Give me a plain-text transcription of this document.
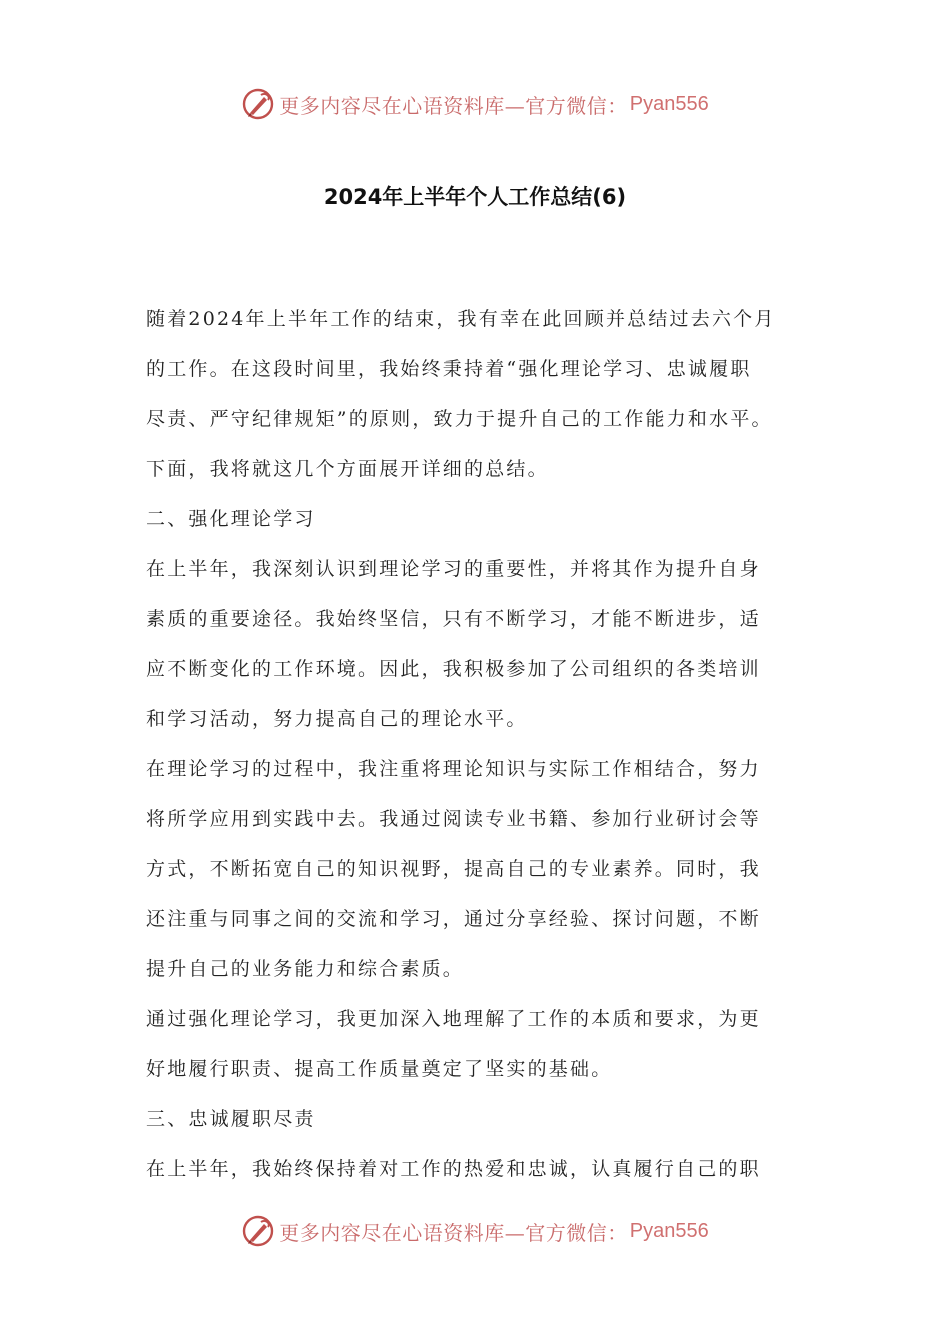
更多内容尽在心语资料库—官方微信： Pyan556
2024年上半年个人工作总结(6)
随着2024年上半年工作的结束，我有幸在此回顾并总结过去六个月
的工作。在这段时间里，我始终秉持着“强化理论学习、忠诚履职
尽责、严守纪律规矩”的原则，致力于提升自己的工作能力和水平。
下面，我将就这几个方面展开详细的总结。
二、强化理论学习
在上半年，我深刻认识到理论学习的重要性，并将其作为提升自身
素质的重要途径。我始终坚信，只有不断学习，才能不断进步，适
应不断变化的工作环境。因此，我积极参加了公司组织的各类培训
和学习活动，努力提高自己的理论水平。
在理论学习的过程中，我注重将理论知识与实际工作相结合，努力
将所学应用到实践中去。我通过阅读专业书籍、参加行业研讨会等
方式，不断拓宽自己的知识视野，提高自己的专业素养。同时，我
还注重与同事之间的交流和学习，通过分享经验、探讨问题，不断
提升自己的业务能力和综合素质。
通过强化理论学习，我更加深入地理解了工作的本质和要求，为更
好地履行职责、提高工作质量奠定了坚实的基础。
三、忠诚履职尽责
在上半年，我始终保持着对工作的热爱和忠诚，认真履行自己的职
更多内容尽在心语资料库—官方微信： Pyan556
